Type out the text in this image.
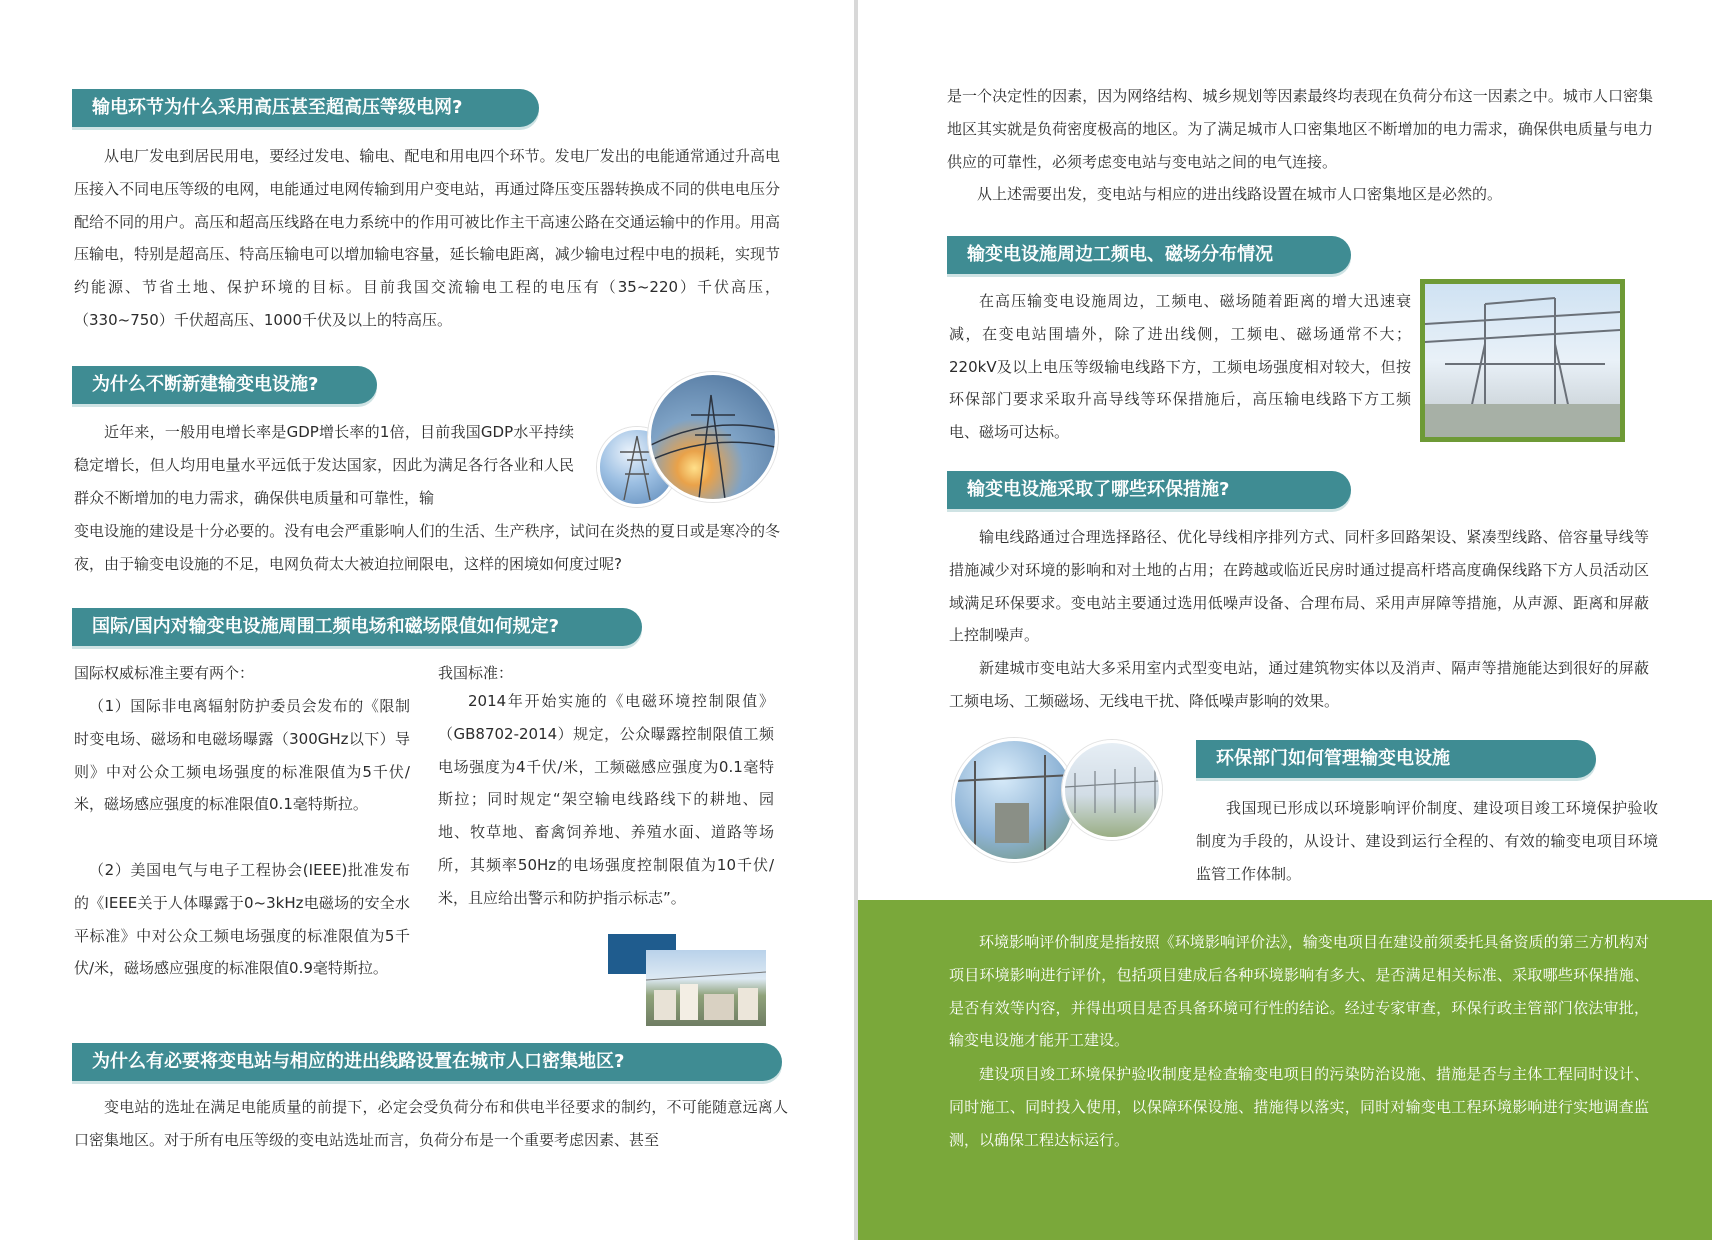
输电环节为什么采用高压甚至超高压等级电网?

从电厂发电到居民用电，要经过发电、输电、配电和用电四个环节。发电厂发出的电能通常通过升高电压接入不同电压等级的电网，电能通过电网传输到用户变电站，再通过降压变压器转换成不同的供电电压分配给不同的用户。高压和超高压线路在电力系统中的作用可被比作主干高速公路在交通运输中的作用。用高压输电，特别是超高压、特高压输电可以增加输电容量，延长输电距离，减少输电过程中电的损耗，实现节约能源、节省土地、保护环境的目标。目前我国交流输电工程的电压有（35~220）千伏高压，（330~750）千伏超高压、1000千伏及以上的特高压。

为什么不断新建输变电设施?

近年来，一般用电增长率是GDP增长率的1倍，目前我国GDP水平持续稳定增长，但人均用电量水平远低于发达国家，因此为满足各行各业和人民群众不断增加的电力需求，确保供电质量和可靠性，输

变电设施的建设是十分必要的。没有电会严重影响人们的生活、生产秩序，试问在炎热的夏日或是寒冷的冬夜，由于输变电设施的不足，电网负荷太大被迫拉闸限电，这样的困境如何度过呢?

国际/国内对输变电设施周围工频电场和磁场限值如何规定?

国际权威标准主要有两个：

（1）国际非电离辐射防护委员会发布的《限制时变电场、磁场和电磁场曝露（300GHz以下）导则》中对公众工频电场强度的标准限值为5千伏/米，磁场感应强度的标准限值0.1毫特斯拉。

（2）美国电气与电子工程协会(IEEE)批准发布的《IEEE关于人体曝露于0~3kHz电磁场的安全水平标准》中对公众工频电场强度的标准限值为5千伏/米，磁场感应强度的标准限值0.9毫特斯拉。

我国标准：

2014年开始实施的《电磁环境控制限值》（GB8702-2014）规定，公众曝露控制限值工频电场强度为4千伏/米，工频磁感应强度为0.1毫特斯拉；同时规定“架空输电线路线下的耕地、园地、牧草地、畜禽饲养地、养殖水面、道路等场所，其频率50Hz的电场强度控制限值为10千伏/米，且应给出警示和防护指示标志”。

为什么有必要将变电站与相应的进出线路设置在城市人口密集地区?

变电站的选址在满足电能质量的前提下，必定会受负荷分布和供电半径要求的制约，不可能随意远离人口密集地区。对于所有电压等级的变电站选址而言，负荷分布是一个重要考虑因素、甚至

是一个决定性的因素，因为网络结构、城乡规划等因素最终均表现在负荷分布这一因素之中。城市人口密集地区其实就是负荷密度极高的地区。为了满足城市人口密集地区不断增加的电力需求，确保供电质量与电力供应的可靠性，必须考虑变电站与变电站之间的电气连接。

从上述需要出发，变电站与相应的进出线路设置在城市人口密集地区是必然的。

输变电设施周边工频电、磁场分布情况

在高压输变电设施周边，工频电、磁场随着距离的增大迅速衰减，在变电站围墙外，除了进出线侧，工频电、磁场通常不大；220kV及以上电压等级输电线路下方，工频电场强度相对较大，但按环保部门要求采取升高导线等环保措施后，高压输电线路下方工频电、磁场可达标。

输变电设施采取了哪些环保措施?

输电线路通过合理选择路径、优化导线相序排列方式、同杆多回路架设、紧凑型线路、倍容量导线等措施减少对环境的影响和对土地的占用；在跨越或临近民房时通过提高杆塔高度确保线路下方人员活动区域满足环保要求。变电站主要通过选用低噪声设备、合理布局、采用声屏障等措施，从声源、距离和屏蔽上控制噪声。

新建城市变电站大多采用室内式型变电站，通过建筑物实体以及消声、隔声等措施能达到很好的屏蔽工频电场、工频磁场、无线电干扰、降低噪声影响的效果。

环保部门如何管理输变电设施

我国现已形成以环境影响评价制度、建设项目竣工环境保护验收制度为手段的，从设计、建设到运行全程的、有效的输变电项目环境监管工作体制。

环境影响评价制度是指按照《环境影响评价法》，输变电项目在建设前须委托具备资质的第三方机构对项目环境影响进行评价，包括项目建成后各种环境影响有多大、是否满足相关标准、采取哪些环保措施、是否有效等内容，并得出项目是否具备环境可行性的结论。经过专家审查，环保行政主管部门依法审批，输变电设施才能开工建设。

建设项目竣工环境保护验收制度是检查输变电项目的污染防治设施、措施是否与主体工程同时设计、同时施工、同时投入使用，以保障环保设施、措施得以落实，同时对输变电工程环境影响进行实地调查监测，以确保工程达标运行。
